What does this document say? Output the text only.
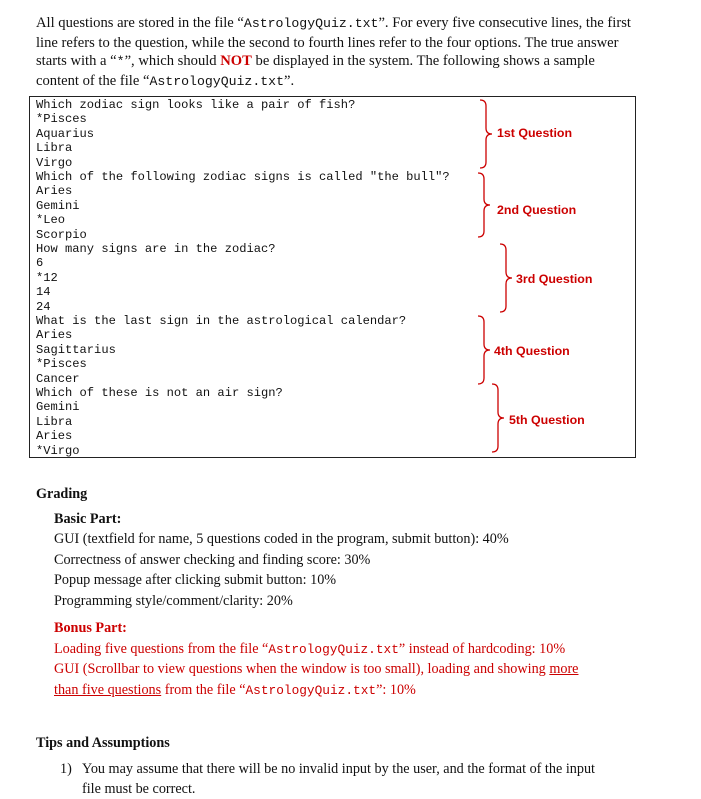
All questions are stored in the file “AstrologyQuiz.txt”. For every five consecutive lines, the first line refers to the question, while the second to fourth lines refer to the four options. The true answer starts with a “*”, which should NOT be displayed in the system. The following shows a sample content of the file “AstrologyQuiz.txt”.
Which zodiac sign looks like a pair of fish?
*Pisces
Aquarius
Libra
Virgo
Which of the following zodiac signs is called "the bull"?
Aries
Gemini
*Leo
Scorpio
How many signs are in the zodiac?
6
*12
14
24
What is the last sign in the astrological calendar?
Aries
Sagittarius
*Pisces
Cancer
Which of these is not an air sign?
Gemini
Libra
Aries
*Virgo
1st Question
2nd Question
3rd Question
4th Question
5th Question
Grading
Basic Part:
GUI (textfield for name, 5 questions coded in the program, submit button): 40%
Correctness of answer checking and finding score: 30%
Popup message after clicking submit button: 10%
Programming style/comment/clarity: 20%
Bonus Part:
Loading five questions from the file “AstrologyQuiz.txt” instead of hardcoding: 10%
GUI (Scrollbar to view questions when the window is too small), loading and showing more
than five questions from the file “AstrologyQuiz.txt”: 10%
Tips and Assumptions
1) You may assume that there will be no invalid input by the user, and the format of the input
file must be correct.
